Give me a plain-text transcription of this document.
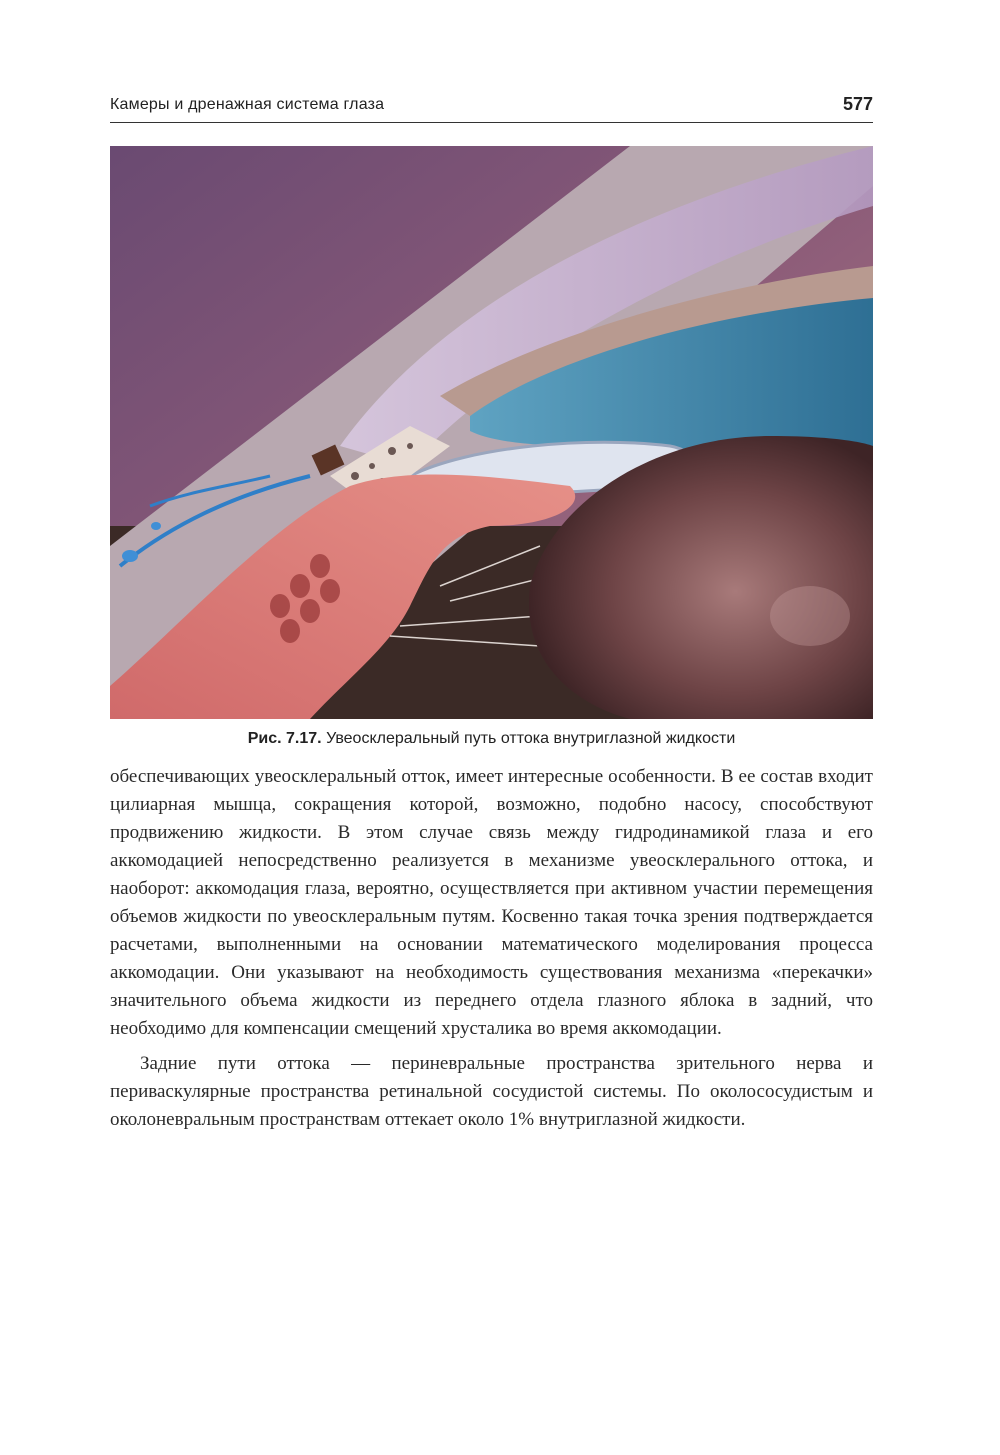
Камеры и дренажная система глаза	577
Рис. 7.17. Увеосклеральный путь оттока внутриглазной жидкости

обеспечивающих увеосклеральный отток, имеет интересные особенности. В ее состав входит цилиарная мышца, сокращения которой, возможно, подобно насосу, способствуют продвижению жидкости. В этом случае связь между гидродинамикой глаза и его аккомодацией непосредственно реализуется в механизме увеосклерального оттока, и наоборот: аккомодация глаза, вероятно, осуществляется при активном участии перемещения объемов жидкости по увеосклеральным путям. Косвенно такая точка зрения подтверждается расчетами, выполненными на основании математического моделирования процесса аккомодации. Они указывают на необходимость существования механизма «перекачки» значительного объема жидкости из переднего отдела глазного яблока в задний, что необходимо для компенсации смещений хрусталика во время аккомодации.

Задние пути оттока — периневральные пространства зрительного нерва и периваскулярные пространства ретинальной сосудистой системы. По околососудистым и околоневральным пространствам оттекает около 1% внутриглазной жидкости.
